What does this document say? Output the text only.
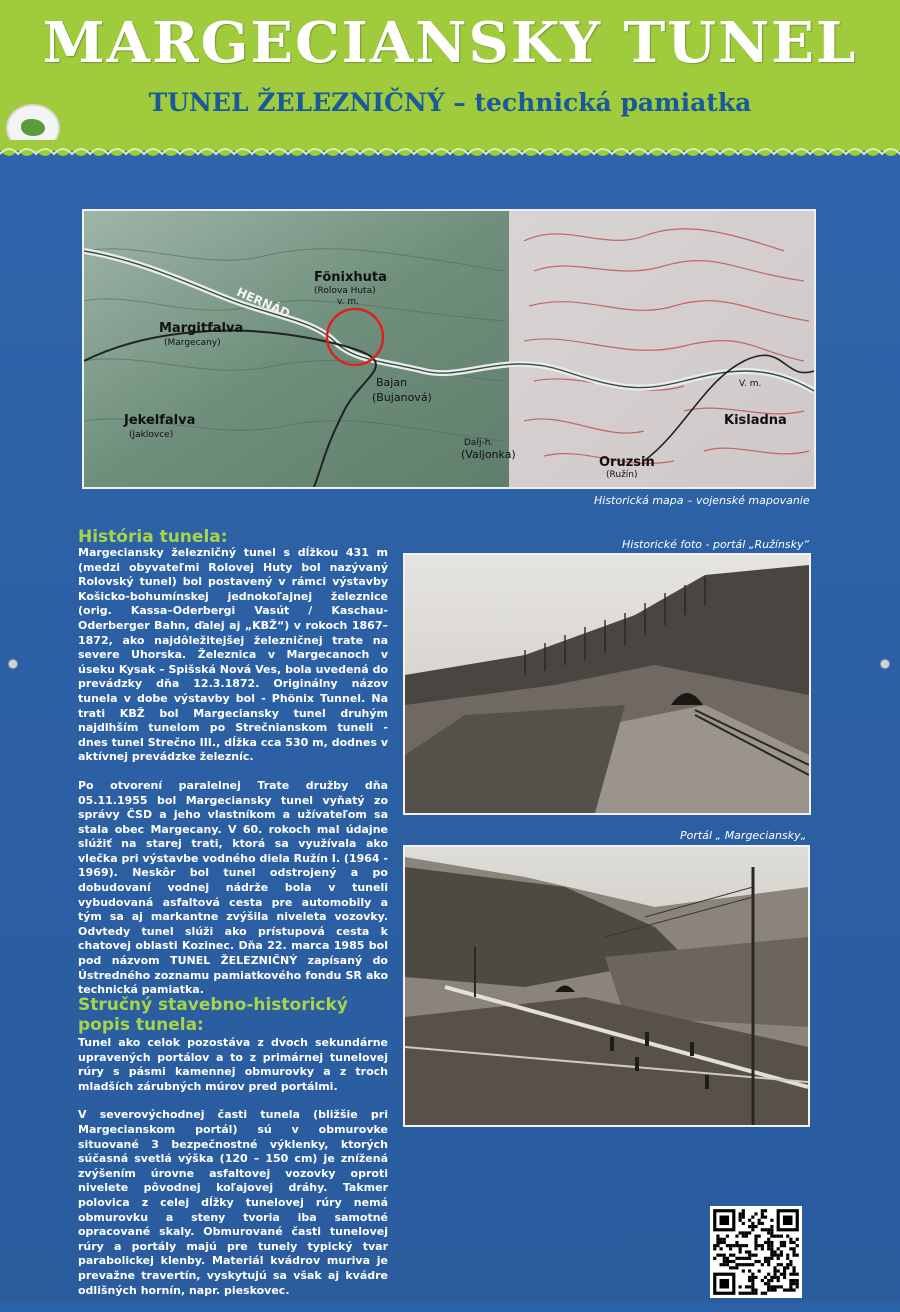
MARGECIANSKY TUNEL
TUNEL ŽELEZNIČNÝ – technická pamiatka
Fönixhuta
(Rolova Huta)
v. m.
HERNÁD
Margitfalva
(Margecany)
Bajan
(Bujanová)
Jekelfalva
(Jaklovce)
Dalj-h.
(Valjonka)
Kisladna
Oruzsin
(Ružín)
V. m.
Historická mapa – vojenské mapovanie
História tunela:

Margeciansky železničný tunel s dĺžkou 431 m (medzi obyvateľmi Rolovej Huty bol nazývaný Rolovský tunel) bol postavený v rámci výstavby Košicko-bohumínskej jednokoľajnej železnice (orig. Kassa–Oderbergi Vasút / Kaschau-Oderberger Bahn, ďalej aj „KBŽ“) v rokoch 1867–1872, ako najdôležitejšej železničnej trate na severe Uhorska. Železnica v Margecanoch v úseku Kysak – Spišská Nová Ves, bola uvedená do prevádzky dňa 12.3.1872. Originálny názov tunela v dobe výstavby bol - Phönix Tunnel. Na trati KBŽ bol Margeciansky tunel druhým najdlhším tunelom po Strečnianskom tuneli - dnes tunel Strečno III., dĺžka cca 530 m, dodnes v aktívnej prevádzke železníc.

Po otvorení paralelnej Trate družby dňa 05.11.1955 bol Margeciansky tunel vyňatý zo správy ČSD a jeho vlastníkom a užívateľom sa stala obec Margecany. V 60. rokoch mal údajne slúžiť na starej trati, ktorá sa využívala ako vlečka pri výstavbe vodného diela Ružín I. (1964 - 1969). Neskôr bol tunel odstrojený a po dobudovaní vodnej nádrže bola v tuneli vybudovaná asfaltová cesta pre automobily a tým sa aj markantne zvýšila niveleta vozovky. Odvtedy tunel slúži ako prístupová cesta k chatovej oblasti Kozinec. Dňa 22. marca 1985 bol pod názvom TUNEL ŽELEZNIČNÝ zapísaný do Ústredného zoznamu pamiatkového fondu SR ako technická pamiatka.

Stručný stavebno-historický
popis tunela:

Tunel ako celok pozostáva z dvoch sekundárne upravených portálov a to z primárnej tunelovej rúry s pásmi kamennej obmurovky a z troch mladších zárubných múrov pred portálmi.

V severovýchodnej časti tunela (bližšie pri Margecianskom portál) sú v obmurovke situované 3 bezpečnostné výklenky, ktorých súčasná svetlá výška (120 – 150 cm) je znížená zvýšením úrovne asfaltovej vozovky oproti nivelete pôvodnej koľajovej dráhy. Takmer polovica z celej dĺžky tunelovej rúry nemá obmurovku a steny tvoria iba samotné opracované skaly. Obmurované časti tunelovej rúry a portály majú pre tunely typický tvar parabolickej klenby. Materiál kvádrov muriva je prevažne travertín, vyskytujú sa však aj kvádre odlišných hornín, napr. pieskovec.

Historické foto - portál „Ružínsky“
Portál „ Margeciansky„
